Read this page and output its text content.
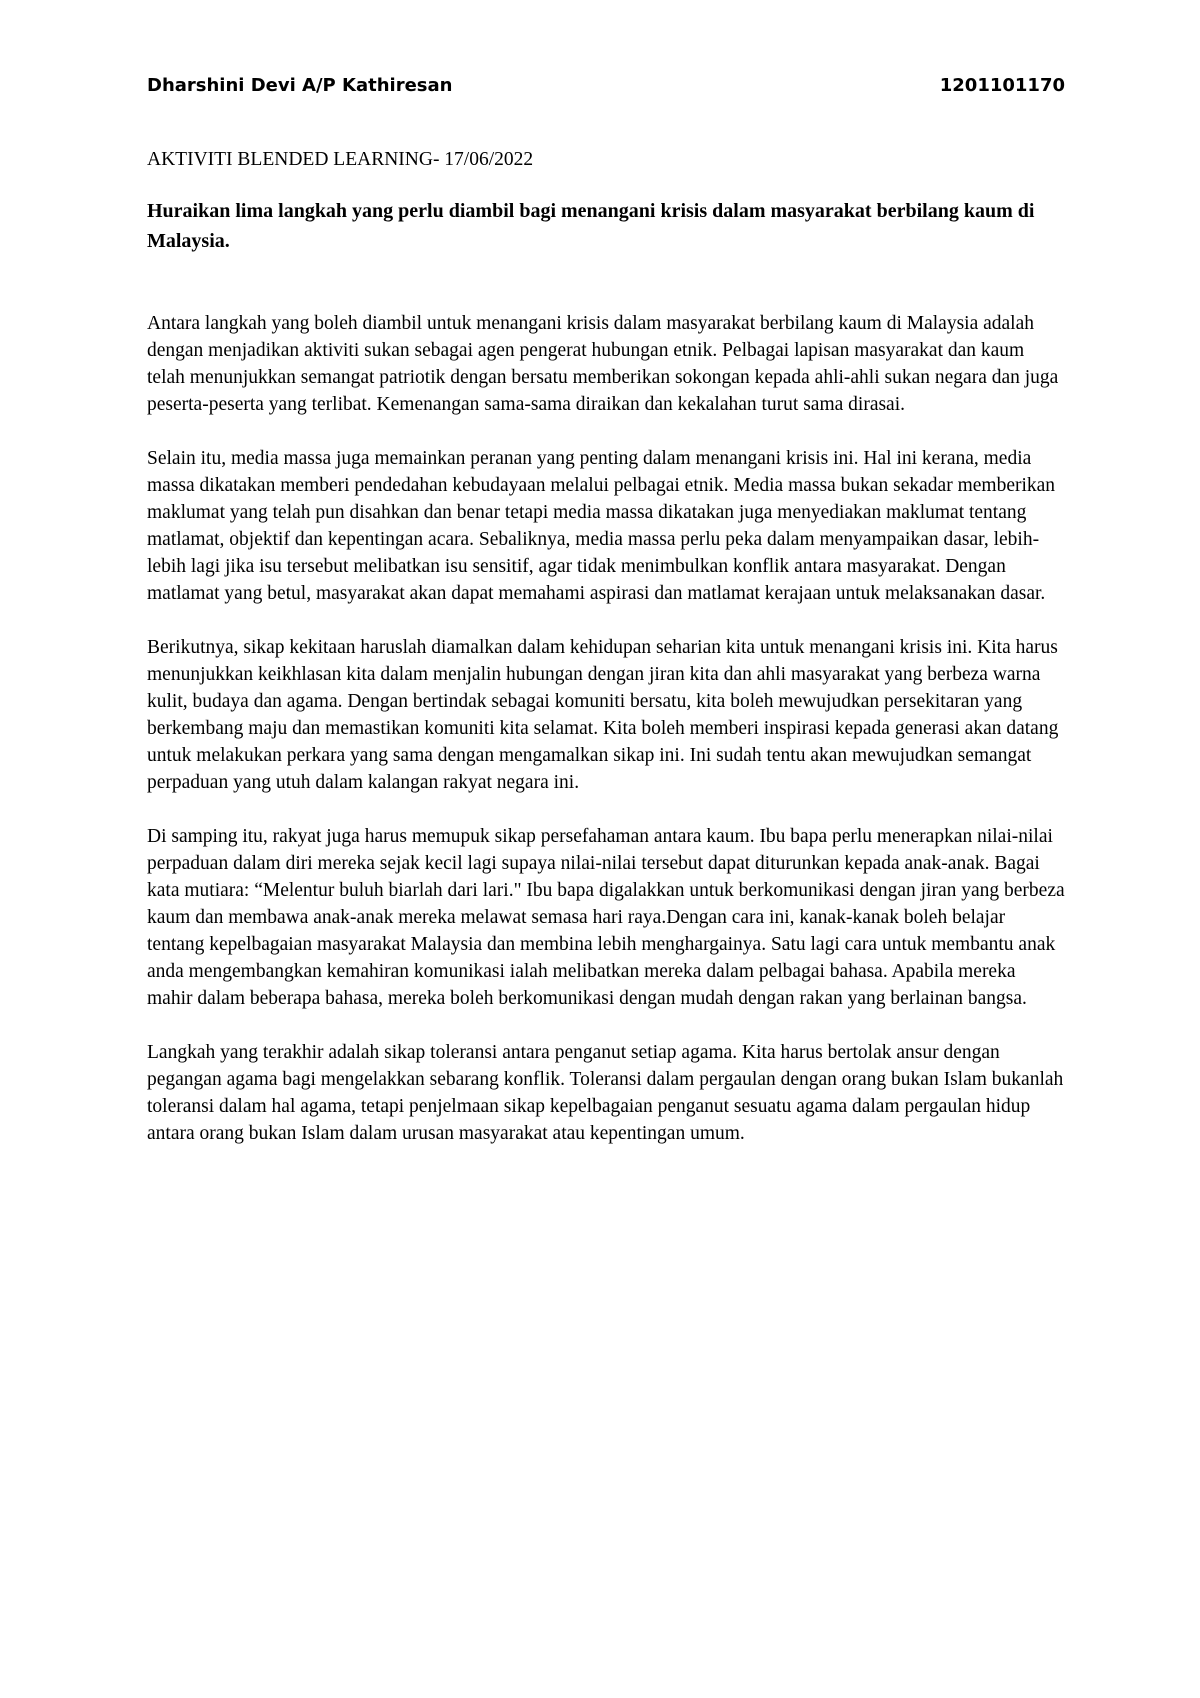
Dharshini Devi A/P Kathiresan	1201101170

AKTIVITI BLENDED LEARNING- 17/06/2022

Huraikan lima langkah yang perlu diambil bagi menangani krisis dalam masyarakat berbilang kaum di Malaysia.

Antara langkah yang boleh diambil untuk menangani krisis dalam masyarakat berbilang kaum di Malaysia adalah dengan menjadikan aktiviti sukan sebagai agen pengerat hubungan etnik. Pelbagai lapisan masyarakat dan kaum telah menunjukkan semangat patriotik dengan bersatu memberikan sokongan kepada ahli-ahli sukan negara dan juga peserta-peserta yang terlibat. Kemenangan sama-sama diraikan dan kekalahan turut sama dirasai.

Selain itu, media massa juga memainkan peranan yang penting dalam menangani krisis ini. Hal ini kerana, media massa dikatakan memberi pendedahan kebudayaan melalui pelbagai etnik. Media massa bukan sekadar memberikan maklumat yang telah pun disahkan dan benar tetapi media massa dikatakan juga menyediakan maklumat tentang matlamat, objektif dan kepentingan acara. Sebaliknya, media massa perlu peka dalam menyampaikan dasar, lebih-lebih lagi jika isu tersebut melibatkan isu sensitif, agar tidak menimbulkan konflik antara masyarakat. Dengan matlamat yang betul, masyarakat akan dapat memahami aspirasi dan matlamat kerajaan untuk melaksanakan dasar.

Berikutnya, sikap kekitaan haruslah diamalkan dalam kehidupan seharian kita untuk menangani krisis ini. Kita harus menunjukkan keikhlasan kita dalam menjalin hubungan dengan jiran kita dan ahli masyarakat yang berbeza warna kulit, budaya dan agama. Dengan bertindak sebagai komuniti bersatu, kita boleh mewujudkan persekitaran yang berkembang maju dan memastikan komuniti kita selamat. Kita boleh memberi inspirasi kepada generasi akan datang untuk melakukan perkara yang sama dengan mengamalkan sikap ini. Ini sudah tentu akan mewujudkan semangat perpaduan yang utuh dalam kalangan rakyat negara ini.

Di samping itu, rakyat juga harus memupuk sikap persefahaman antara kaum. Ibu bapa perlu menerapkan nilai-nilai perpaduan dalam diri mereka sejak kecil lagi supaya nilai-nilai tersebut dapat diturunkan kepada anak-anak. Bagai kata mutiara: “Melentur buluh biarlah dari lari." Ibu bapa digalakkan untuk berkomunikasi dengan jiran yang berbeza kaum dan membawa anak-anak mereka melawat semasa hari raya.Dengan cara ini, kanak-kanak boleh belajar tentang kepelbagaian masyarakat Malaysia dan membina lebih menghargainya. Satu lagi cara untuk membantu anak anda mengembangkan kemahiran komunikasi ialah melibatkan mereka dalam pelbagai bahasa. Apabila mereka mahir dalam beberapa bahasa, mereka boleh berkomunikasi dengan mudah dengan rakan yang berlainan bangsa.

Langkah yang terakhir adalah sikap toleransi antara penganut setiap agama. Kita harus bertolak ansur dengan pegangan agama bagi mengelakkan sebarang konflik. Toleransi dalam pergaulan dengan orang bukan Islam bukanlah toleransi dalam hal agama, tetapi penjelmaan sikap kepelbagaian penganut sesuatu agama dalam pergaulan hidup antara orang bukan Islam dalam urusan masyarakat atau kepentingan umum.
